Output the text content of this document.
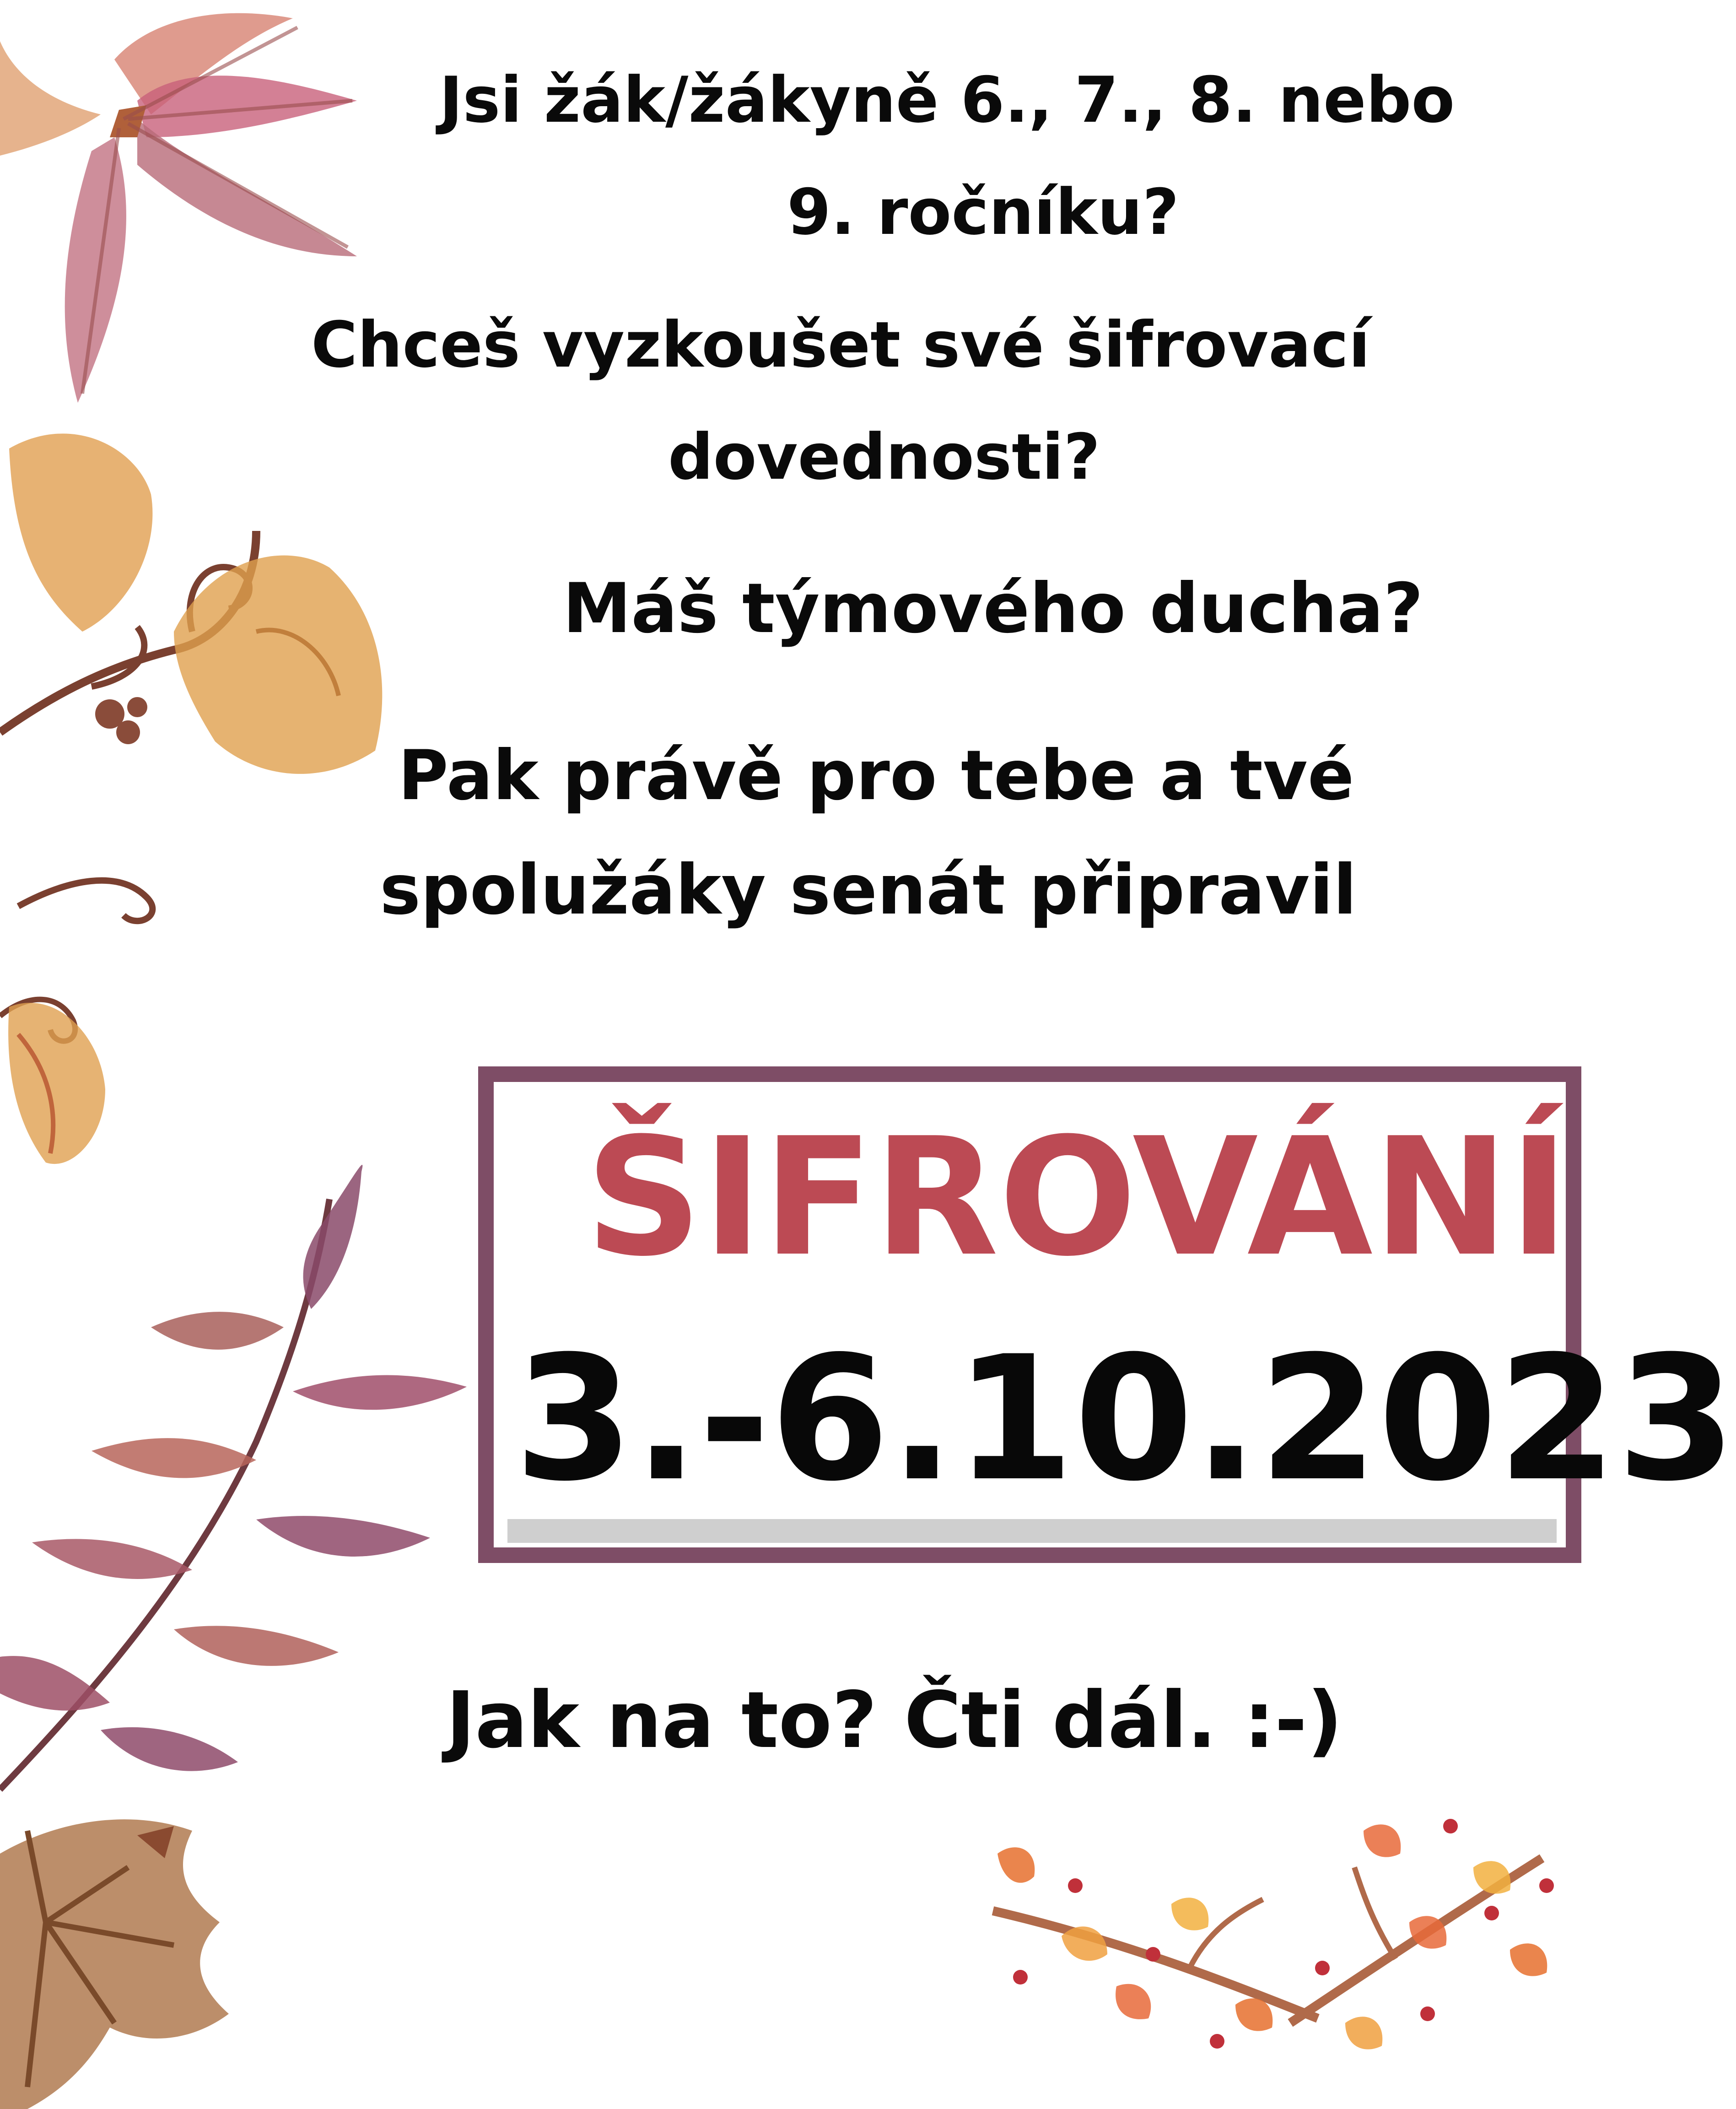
Jsi žák/žákyně 6., 7., 8. nebo

9. ročníku?

Chceš vyzkoušet své šifrovací

dovednosti?

Máš týmového ducha?

Pak právě pro tebe a tvé

spolužáky senát připravil

ŠIFROVÁNÍ
3.-6.10.2023

Jak na to? Čti dál. :-)
